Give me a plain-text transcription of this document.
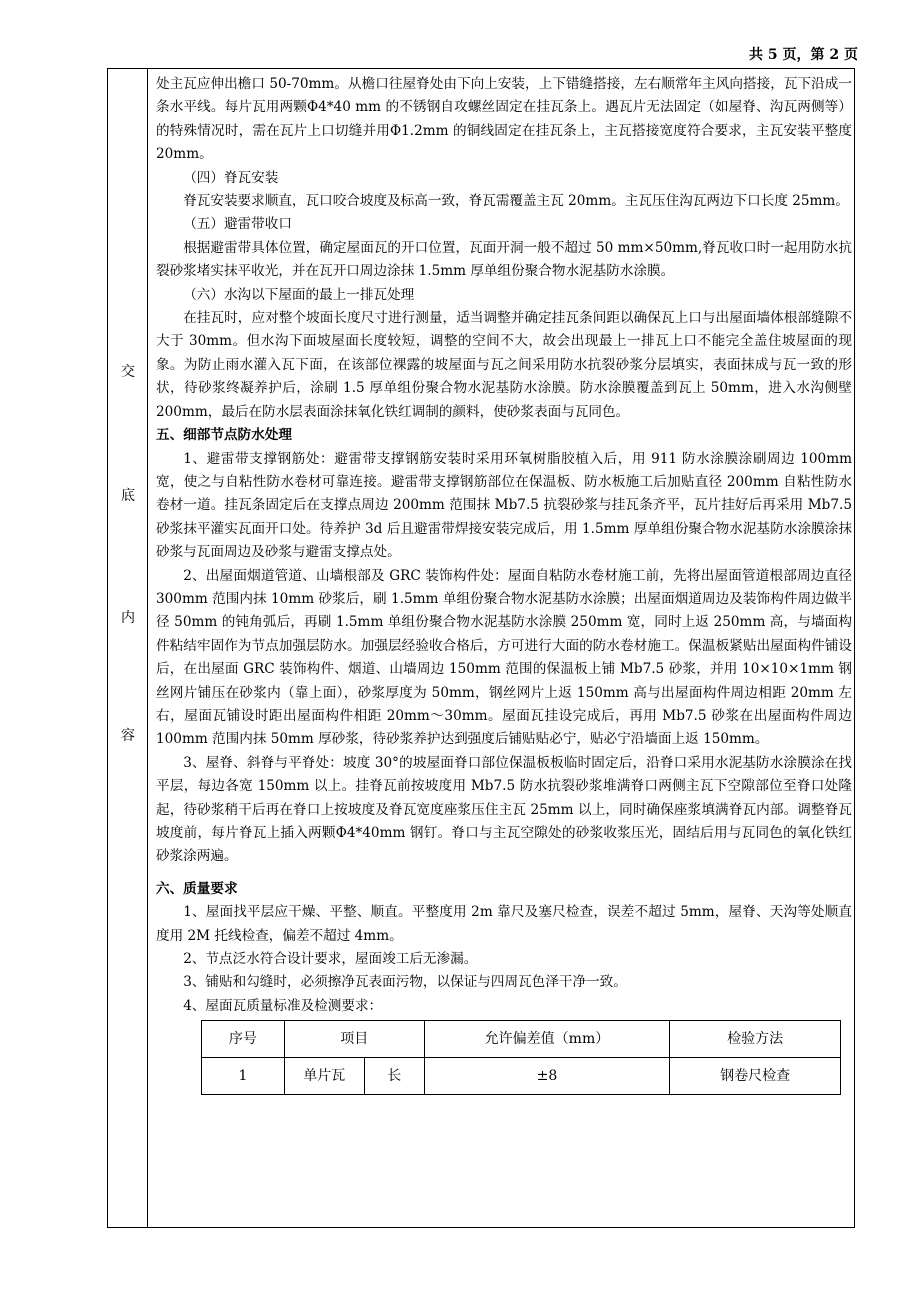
共 5 页，第 2 页
交
底
内
容

处主瓦应伸出檐口 50-70mm。从檐口往屋脊处由下向上安装，上下错缝搭接，左右顺常年主风向搭接，瓦下沿成一条水平线。每片瓦用两颗Φ4*40 mm 的不锈钢自攻螺丝固定在挂瓦条上。遇瓦片无法固定（如屋脊、沟瓦两侧等）的特殊情况时，需在瓦片上口切缝并用Φ1.2mm 的铜线固定在挂瓦条上，主瓦搭接宽度符合要求，主瓦安装平整度 20mm。

（四）脊瓦安装

脊瓦安装要求顺直，瓦口咬合坡度及标高一致，脊瓦需覆盖主瓦 20mm。主瓦压住沟瓦两边下口长度 25mm。

（五）避雷带收口

根据避雷带具体位置，确定屋面瓦的开口位置，瓦面开洞一般不超过 50 mm×50mm,脊瓦收口时一起用防水抗裂砂浆堵实抹平收光，并在瓦开口周边涂抹 1.5mm 厚单组份聚合物水泥基防水涂膜。

（六）水沟以下屋面的最上一排瓦处理

在挂瓦时，应对整个坡面长度尺寸进行测量，适当调整并确定挂瓦条间距以确保瓦上口与出屋面墙体根部缝隙不大于 30mm。但水沟下面坡屋面长度较短，调整的空间不大，故会出现最上一排瓦上口不能完全盖住坡屋面的现象。为防止雨水灌入瓦下面，在该部位裸露的坡屋面与瓦之间采用防水抗裂砂浆分层填实，表面抹成与瓦一致的形状，待砂浆终凝养护后，涂刷 1.5 厚单组份聚合物水泥基防水涂膜。防水涂膜覆盖到瓦上 50mm，进入水沟侧壁 200mm，最后在防水层表面涂抹氧化铁红调制的颜料，使砂浆表面与瓦同色。

五、细部节点防水处理

1、避雷带支撑钢筋处：避雷带支撑钢筋安装时采用环氧树脂胶植入后，用 911 防水涂膜涂刷周边 100mm 宽，使之与自粘性防水卷材可靠连接。避雷带支撑钢筋部位在保温板、防水板施工后加贴直径 200mm 自粘性防水卷材一道。挂瓦条固定后在支撑点周边 200mm 范围抹 Mb7.5 抗裂砂浆与挂瓦条齐平，瓦片挂好后再采用 Mb7.5 砂浆抹平灌实瓦面开口处。待养护 3d 后且避雷带焊接安装完成后，用 1.5mm 厚单组份聚合物水泥基防水涂膜涂抹砂浆与瓦面周边及砂浆与避雷支撑点处。

2、出屋面烟道管道、山墙根部及 GRC 装饰构件处：屋面自粘防水卷材施工前，先将出屋面管道根部周边直径 300mm 范围内抹 10mm 砂浆后，刷 1.5mm 单组份聚合物水泥基防水涂膜；出屋面烟道周边及装饰构件周边做半径 50mm 的钝角弧后，再刷 1.5mm 单组份聚合物水泥基防水涂膜 250mm 宽，同时上返 250mm 高，与墙面构件粘结牢固作为节点加强层防水。加强层经验收合格后，方可进行大面的防水卷材施工。保温板紧贴出屋面构件铺设后，在出屋面 GRC 装饰构件、烟道、山墙周边 150mm 范围的保温板上铺 Mb7.5 砂浆，并用 10×10×1mm 钢丝网片铺压在砂浆内（靠上面），砂浆厚度为 50mm，钢丝网片上返 150mm 高与出屋面构件周边相距 20mm 左右，屋面瓦铺设时距出屋面构件相距 20mm～30mm。屋面瓦挂设完成后，再用 Mb7.5 砂浆在出屋面构件周边 100mm 范围内抹 50mm 厚砂浆，待砂浆养护达到强度后铺贴贴必宁，贴必宁沿墙面上返 150mm。

3、屋脊、斜脊与平脊处：坡度 30°的坡屋面脊口部位保温板板临时固定后，沿脊口采用水泥基防水涂膜涂在找平层，每边各宽 150mm 以上。挂脊瓦前按坡度用 Mb7.5 防水抗裂砂浆堆满脊口两侧主瓦下空隙部位至脊口处隆起，待砂浆稍干后再在脊口上按坡度及脊瓦宽度座浆压住主瓦 25mm 以上，同时确保座浆填满脊瓦内部。调整脊瓦坡度前，每片脊瓦上插入两颗Φ4*40mm 钢钉。脊口与主瓦空隙处的砂浆收浆压光，固结后用与瓦同色的氧化铁红砂浆涂两遍。

六、质量要求

1、屋面找平层应干燥、平整、顺直。平整度用 2m 靠尺及塞尺检查，误差不超过 5mm，屋脊、天沟等处顺直度用 2M 托线检查，偏差不超过 4mm。

2、节点泛水符合设计要求，屋面竣工后无渗漏。

3、铺贴和勾缝时，必须擦净瓦表面污物，以保证与四周瓦色泽干净一致。

4、屋面瓦质量标准及检测要求：

序号	项目		允许偏差值（mm）	检验方法
1	单片瓦	长	±8	钢卷尺检查
